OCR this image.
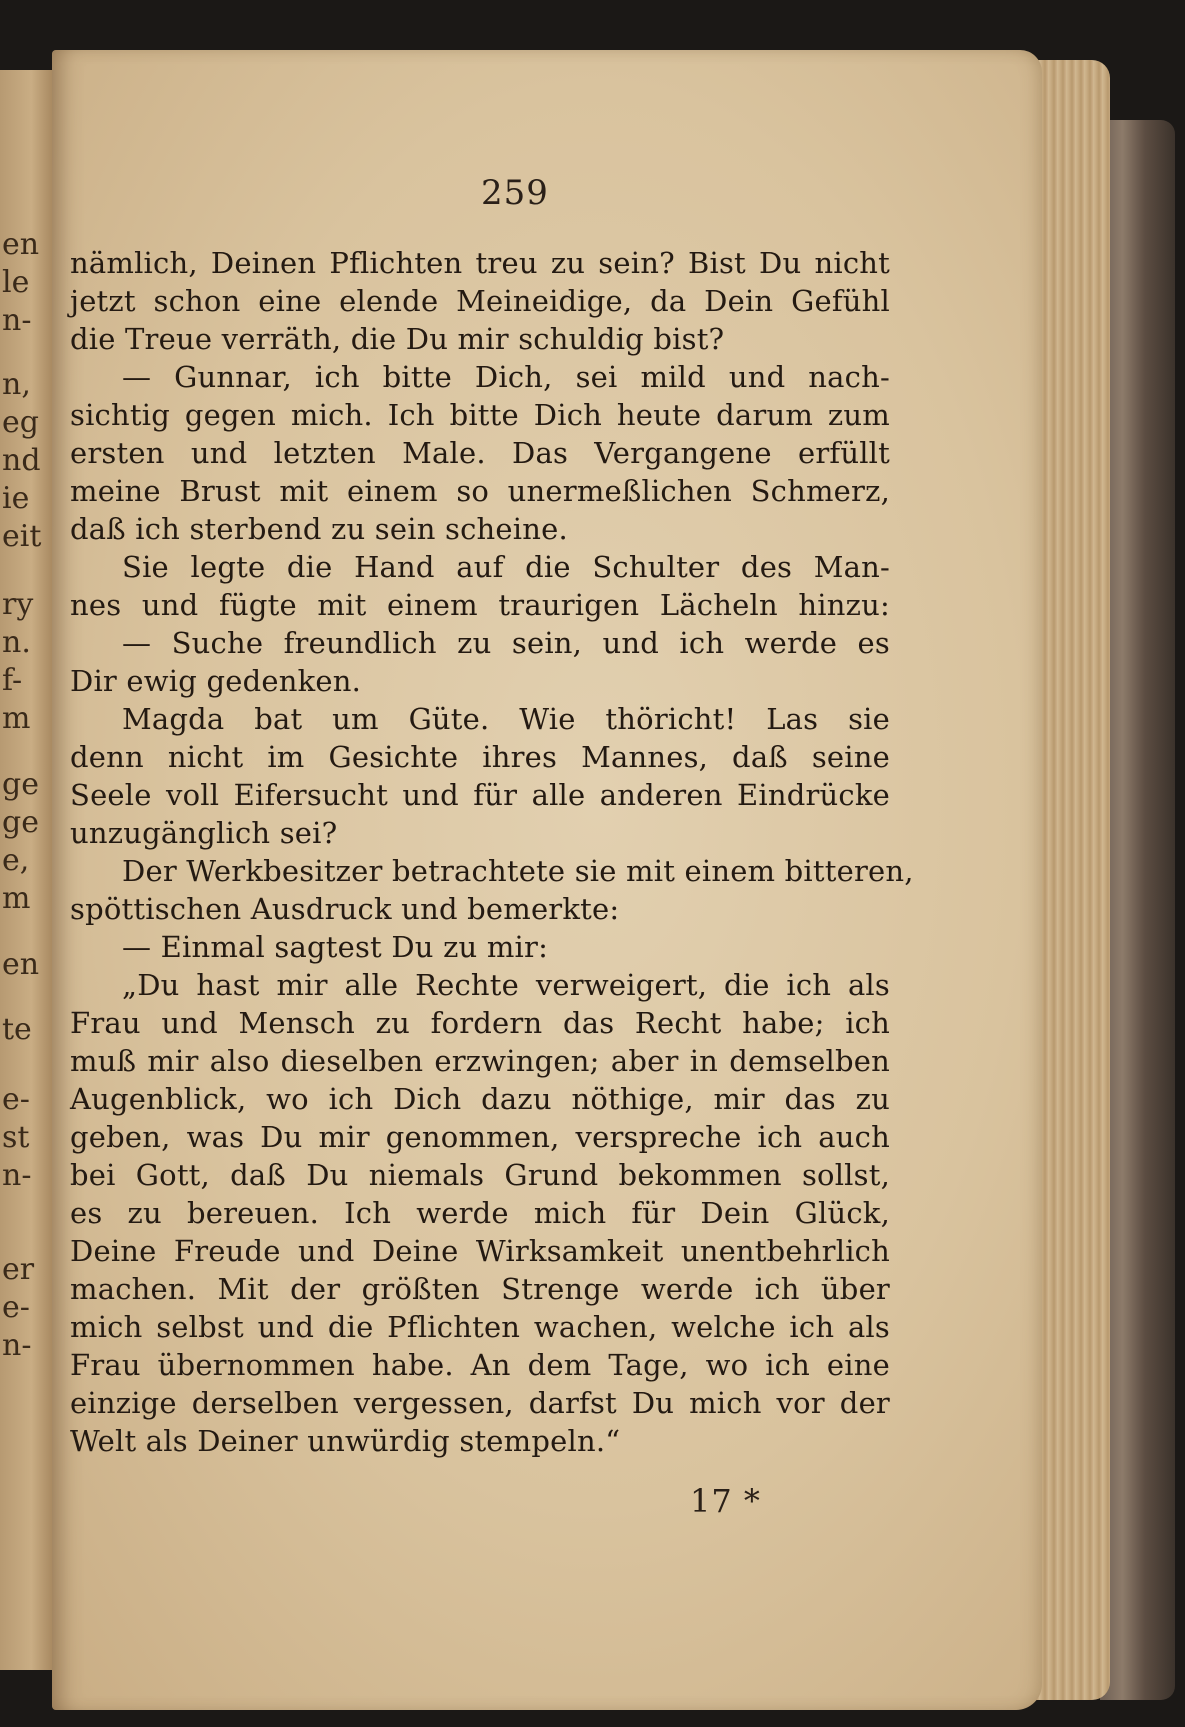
en
le
n-
n,
eg
nd
ie
eit
ry
n.
f-
m
ge
ge
e,
m
en
te
e-
st
n-
er
e-
n-
259
nämlich, Deinen Pflichten treu zu sein? Bist Du nicht
jetzt schon eine elende Meineidige, da Dein Gefühl
die Treue verräth, die Du mir schuldig bist?
— Gunnar, ich bitte Dich, sei mild und nach-
sichtig gegen mich. Ich bitte Dich heute darum zum
ersten und letzten Male. Das Vergangene erfüllt
meine Brust mit einem so unermeßlichen Schmerz,
daß ich sterbend zu sein scheine.
Sie legte die Hand auf die Schulter des Man-
nes und fügte mit einem traurigen Lächeln hinzu:
— Suche freundlich zu sein, und ich werde es
Dir ewig gedenken.
Magda bat um Güte. Wie thöricht! Las sie
denn nicht im Gesichte ihres Mannes, daß seine
Seele voll Eifersucht und für alle anderen Eindrücke
unzugänglich sei?
Der Werkbesitzer betrachtete sie mit einem bitteren,
spöttischen Ausdruck und bemerkte:
— Einmal sagtest Du zu mir:
„Du hast mir alle Rechte verweigert, die ich als
Frau und Mensch zu fordern das Recht habe; ich
muß mir also dieselben erzwingen; aber in demselben
Augenblick, wo ich Dich dazu nöthige, mir das zu
geben, was Du mir genommen, verspreche ich auch
bei Gott, daß Du niemals Grund bekommen sollst,
es zu bereuen. Ich werde mich für Dein Glück,
Deine Freude und Deine Wirksamkeit unentbehrlich
machen. Mit der größten Strenge werde ich über
mich selbst und die Pflichten wachen, welche ich als
Frau übernommen habe. An dem Tage, wo ich eine
einzige derselben vergessen, darfst Du mich vor der
Welt als Deiner unwürdig stempeln.“
17 *
